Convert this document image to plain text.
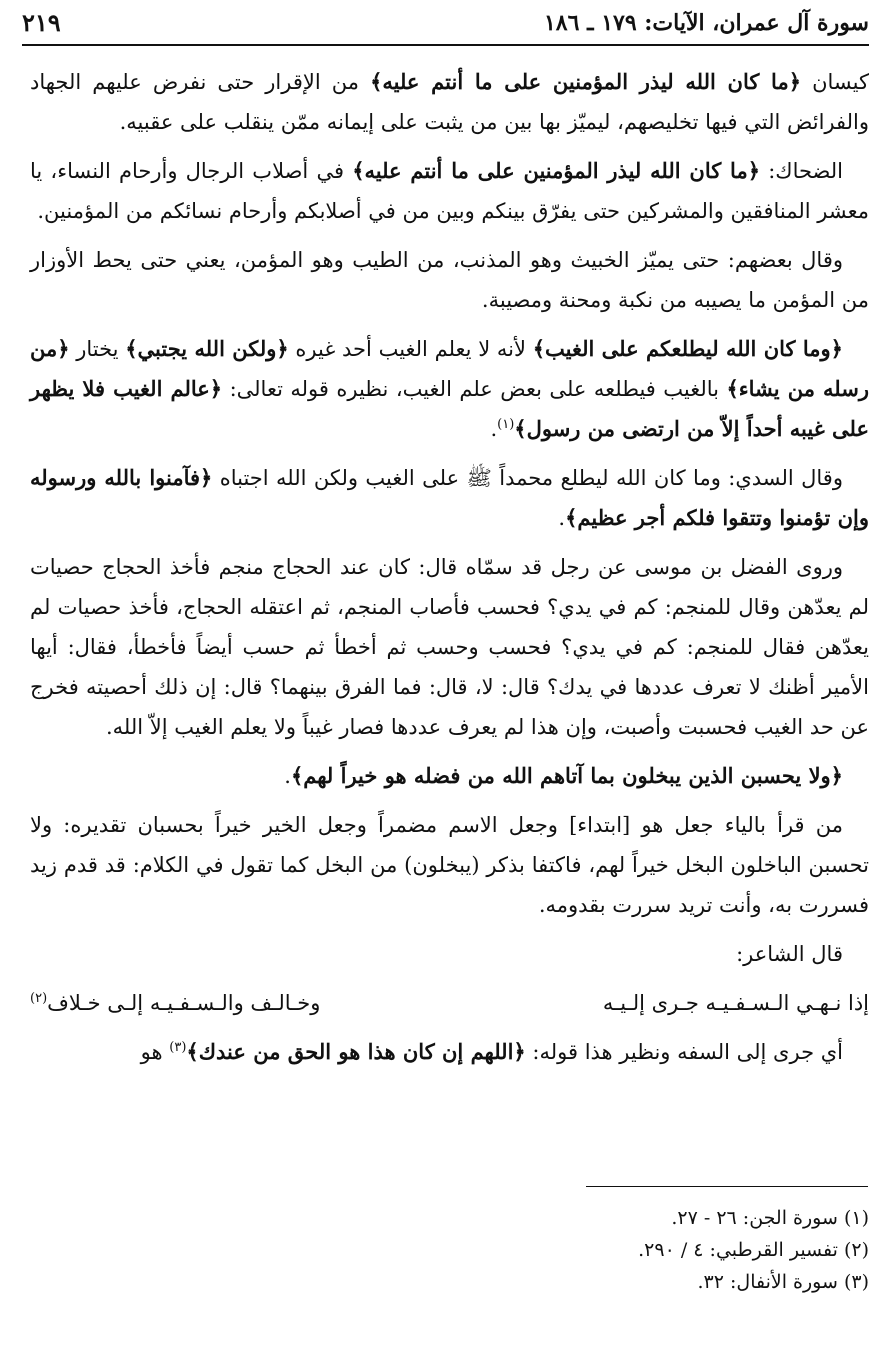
سورة آل عمران، الآيات: ١٧٩ ـ ١٨٦
٢١٩

كيسان ﴿ما كان الله ليذر المؤمنين على ما أنتم عليه﴾ من الإقرار حتى نفرض عليهم الجهاد والفرائض التي فيها تخليصهم، ليميّز بها بين من يثبت على إيمانه ممّن ينقلب على عقبيه.

الضحاك: ﴿ما كان الله ليذر المؤمنين على ما أنتم عليه﴾ في أصلاب الرجال وأرحام النساء، يا معشر المنافقين والمشركين حتى يفرّق بينكم وبين من في أصلابكم وأرحام نسائكم من المؤمنين.

وقال بعضهم: حتى يميّز الخبيث وهو المذنب، من الطيب وهو المؤمن، يعني حتى يحط الأوزار من المؤمن ما يصيبه من نكبة ومحنة ومصيبة.

﴿وما كان الله ليطلعكم على الغيب﴾ لأنه لا يعلم الغيب أحد غيره ﴿ولكن الله يجتبي﴾ يختار ﴿من رسله من يشاء﴾ بالغيب فيطلعه على بعض علم الغيب، نظيره قوله تعالى: ﴿عالم الغيب فلا يظهر على غيبه أحداً إلاّ من ارتضى من رسول﴾$^{(١)}$.

وقال السدي: وما كان الله ليطلع محمداً ﷺ على الغيب ولكن الله اجتباه ﴿فآمنوا بالله ورسوله وإن تؤمنوا وتتقوا فلكم أجر عظيم﴾.

وروى الفضل بن موسى عن رجل قد سمّاه قال: كان عند الحجاج منجم فأخذ الحجاج حصيات لم يعدّهن وقال للمنجم: كم في يدي؟ فحسب فأصاب المنجم، ثم اعتقله الحجاج، فأخذ حصيات لم يعدّهن فقال للمنجم: كم في يدي؟ فحسب وحسب ثم أخطأ ثم حسب أيضاً فأخطأ، فقال: أيها الأمير أظنك لا تعرف عددها في يدك؟ قال: لا، قال: فما الفرق بينهما؟ قال: إن ذلك أحصيته فخرج عن حد الغيب فحسبت وأصبت، وإن هذا لم يعرف عددها فصار غيباً ولا يعلم الغيب إلاّ الله.

﴿ولا يحسبن الذين يبخلون بما آتاهم الله من فضله هو خيراً لهم﴾.

من قرأ بالياء جعل هو [ابتداء] وجعل الاسم مضمراً وجعل الخير خيراً بحسبان تقديره: ولا تحسبن الباخلون البخل خيراً لهم، فاكتفا بذكر (يبخلون) من البخل كما تقول في الكلام: قد قدم زيد فسررت به، وأنت تريد سررت بقدومه.

قال الشاعر:

إذا نـهـي الـسـفـيـه جـرى إلـيـه
وخـالـف والـسـفـيـه إلـى خـلاف$^{(٢)}$

أي جرى إلى السفه ونظير هذا قوله: ﴿اللهم إن كان هذا هو الحق من عندك﴾$^{(٣)}$ هو

(١) سورة الجن: ٢٦ - ٢٧.
(٢) تفسير القرطبي: ٤ / ٢٩٠.
(٣) سورة الأنفال: ٣٢.
